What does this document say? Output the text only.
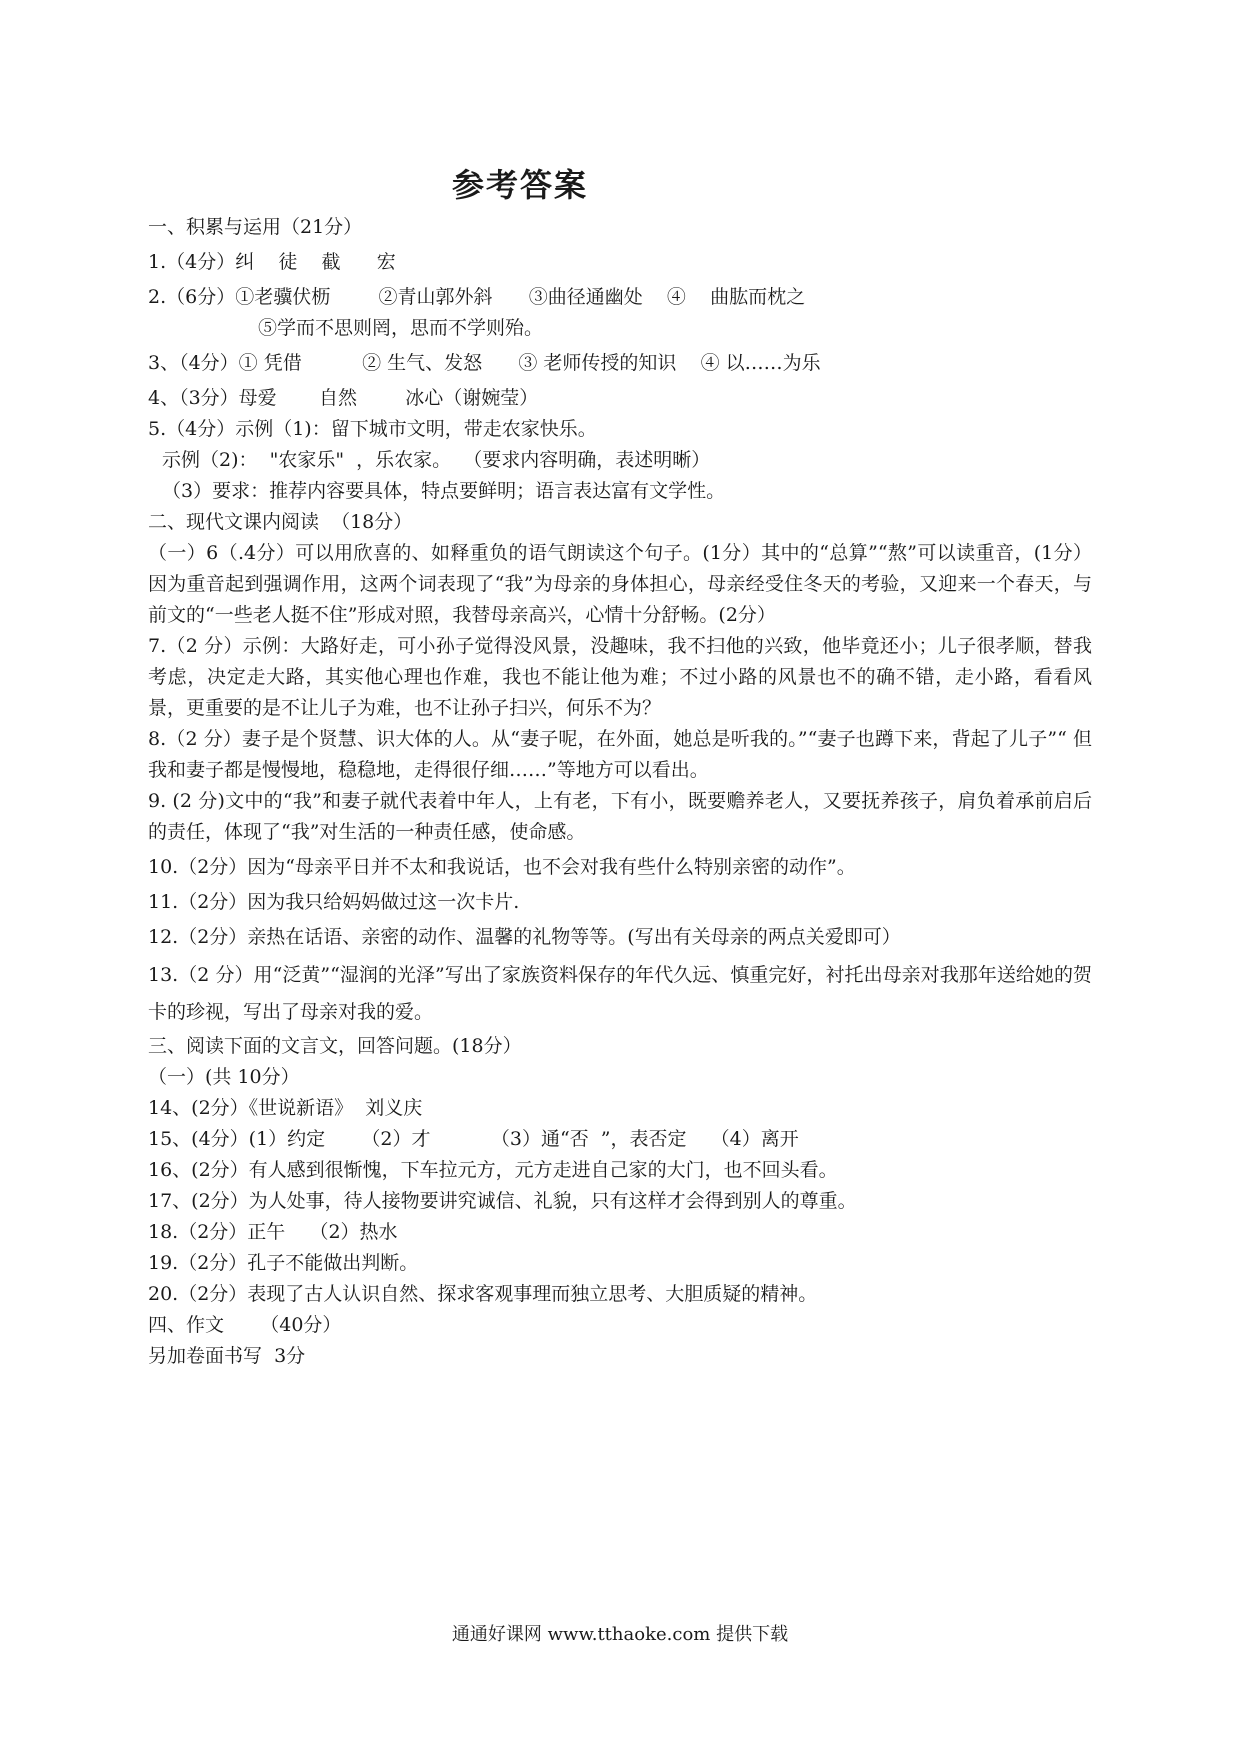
参考答案
一、积累与运用（21分）
1.（4分）纠    徒    截      宏
2.（6分）①老骥伏枥        ②青山郭外斜      ③曲径通幽处    ④    曲肱而枕之
⑤学而不思则罔，思而不学则殆。
3、（4分）① 凭借          ② 生气、发怒      ③ 老师传授的知识    ④ 以……为乐
4、（3分）母爱       自然        冰心（谢婉莹）
5.（4分）示例（1)：留下城市文明，带走农家快乐。
示例（2)：  "农家乐"  ，乐农家。  （要求内容明确，表述明晰）
（3）要求：推荐内容要具体，特点要鲜明；语言表达富有文学性。
二、现代文课内阅读  （18分）
（一）6（.4分）可以用欣喜的、如释重负的语气朗读这个句子。(1分）其中的“总算”“熬”可以读重音，(1分）因为重音起到强调作用，这两个词表现了“我”为母亲的身体担心，母亲经受住冬天的考验，又迎来一个春天，与前文的“一些老人挺不住”形成对照，我替母亲高兴，心情十分舒畅。(2分）
7.（2 分）示例：大路好走，可小孙子觉得没风景，没趣味，我不扫他的兴致，他毕竟还小；儿子很孝顺，替我考虑，决定走大路，其实他心理也作难，我也不能让他为难；不过小路的风景也不的确不错，走小路，看看风景，更重要的是不让儿子为难，也不让孙子扫兴，何乐不为？
8.（2 分）妻子是个贤慧、识大体的人。从“妻子呢，在外面，她总是听我的。”“妻子也蹲下来，背起了儿子”“ 但我和妻子都是慢慢地，稳稳地，走得很仔细……”等地方可以看出。
9. (2 分)文中的“我”和妻子就代表着中年人，上有老，下有小，既要赡养老人，又要抚养孩子，肩负着承前启后的责任，体现了“我”对生活的一种责任感，使命感。
10.（2分）因为“母亲平日并不太和我说话，也不会对我有些什么特别亲密的动作”。
11.（2分）因为我只给妈妈做过这一次卡片.
12.（2分）亲热在话语、亲密的动作、温馨的礼物等等。(写出有关母亲的两点关爱即可）
13.（2 分）用“泛黄”“湿润的光泽”写出了家族资料保存的年代久远、慎重完好，衬托出母亲对我那年送给她的贺卡的珍视，写出了母亲对我的爱。
三、阅读下面的文言文，回答问题。(18分）
（一）(共 10分）
14、(2分）《世说新语》  刘义庆
15、(4分）(1）约定      （2）才          （3）通“否  ”，表否定    （4）离开
16、(2分）有人感到很惭愧，下车拉元方，元方走进自己家的大门，也不回头看。
17、(2分）为人处事，待人接物要讲究诚信、礼貌，只有这样才会得到别人的尊重。
18.（2分）正午    （2）热水
19.（2分）孔子不能做出判断。
20.（2分）表现了古人认识自然、探求客观事理而独立思考、大胆质疑的精神。
四、作文      （40分）
另加卷面书写  3分
通通好课网 www.tthaoke.com 提供下载
